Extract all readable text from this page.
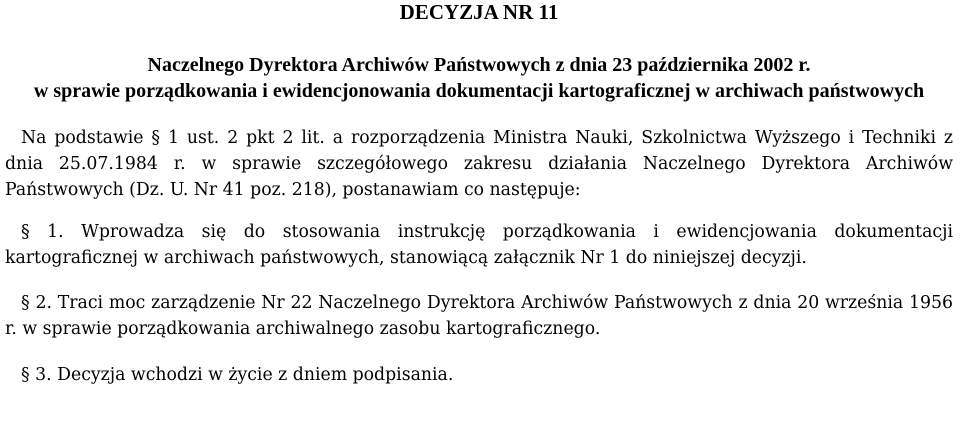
DECYZJA NR 11

Naczelnego Dyrektora Archiwów Państwowych z dnia 23 października 2002 r.

w sprawie porządkowania i ewidencjonowania dokumentacji kartograficznej w archiwach państwowych

Na podstawie § 1 ust. 2 pkt 2 lit. a rozporządzenia Ministra Nauki, Szkolnictwa Wyższego i Techniki z dnia 25.07.1984 r. w sprawie szczegółowego zakresu działania Naczelnego Dyrektora Archiwów Państwowych (Dz. U. Nr 41 poz. 218), postanawiam co następuje:

§ 1. Wprowadza się do stosowania instrukcję porządkowania i ewidencjowania dokumentacji kartograficznej w archiwach państwowych, stanowiącą załącznik Nr 1 do niniejszej decyzji.

§ 2. Traci moc zarządzenie Nr 22 Naczelnego Dyrektora Archiwów Państwowych z dnia 20 września 1956 r. w sprawie porządkowania archiwalnego zasobu kartograficznego.

§ 3. Decyzja wchodzi w życie z dniem podpisania.
